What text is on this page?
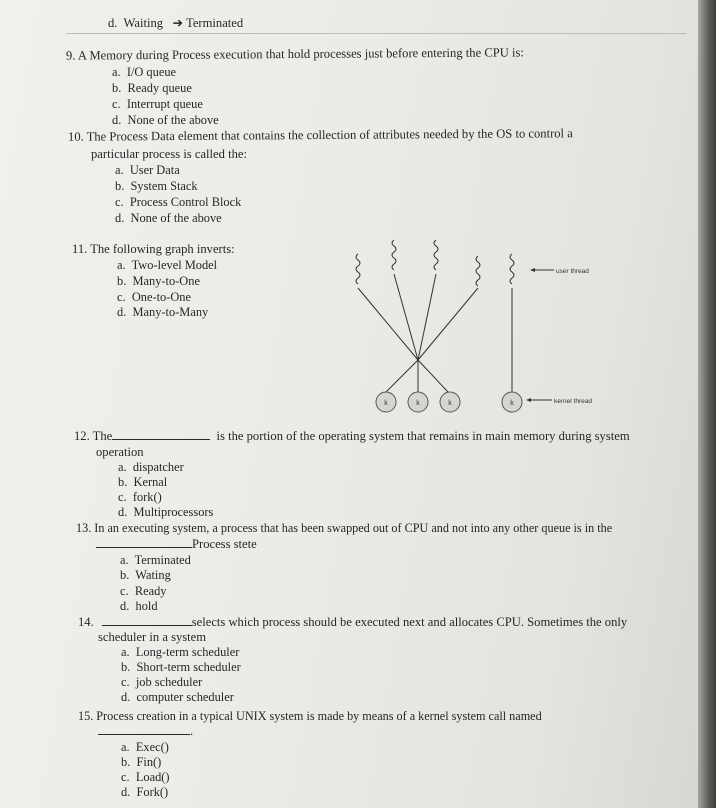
d. Waiting ➔ Terminated
9. A Memory during Process execution that hold processes just before entering the CPU is:
a. I/O queue
b. Ready queue
c. Interrupt queue
d. None of the above
10. The Process Data element that contains the collection of attributes needed by the OS to control a
particular process is called the:
a. User Data
b. System Stack
c. Process Control Block
d. None of the above
11. The following graph inverts:
a. Two-level Model
b. Many-to-One
c. One-to-One
d. Many-to-Many
k	k	k	k
user thread
kernel thread
12. The	is the portion of the operating system that remains in main memory during system
operation
a. dispatcher
b. Kernal
c. fork()
d. Multiprocessors
13. In an executing system, a process that has been swapped out of CPU and not into any other queue is in the
Process stete
a. Terminated
b. Wating
c. Ready
d. hold
14.	selects which process should be executed next and allocates CPU. Sometimes the only
scheduler in a system
a. Long-term scheduler
b. Short-term scheduler
c. job scheduler
d. computer scheduler
15. Process creation in a typical UNIX system is made by means of a kernel system call named
.
a. Exec()
b. Fin()
c. Load()
d. Fork()
